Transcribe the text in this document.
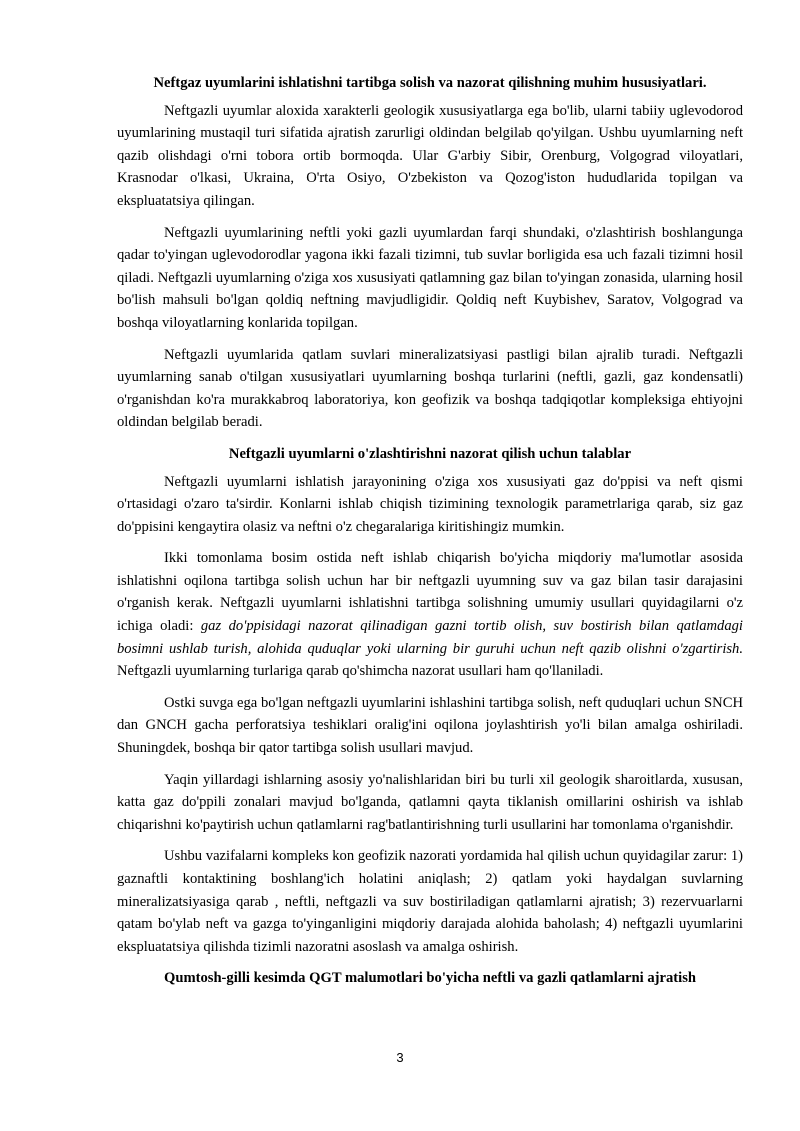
Neftgaz uyumlarini ishlatishni tartibga solish va nazorat qilishning muhim hususiyatlari.

Neftgazli uyumlar aloxida xarakterli geologik xususiyatlarga ega bo'lib, ularni tabiiy uglevodorod uyumlarining mustaqil turi sifatida ajratish zarurligi oldindan belgilab qo'yilgan. Ushbu uyumlarning neft qazib olishdagi o'rni tobora ortib bormoqda. Ular G'arbiy Sibir, Orenburg, Volgograd viloyatlari, Krasnodar o'lkasi, Ukraina, O'rta Osiyo, O'zbekiston va Qozog'iston hududlarida topilgan va ekspluatatsiya qilingan.

Neftgazli uyumlarining neftli yoki gazli uyumlardan farqi shundaki, o'zlashtirish boshlangunga qadar to'yingan uglevodorodlar yagona ikki fazali tizimni, tub suvlar borligida esa uch fazali tizimni hosil qiladi. Neftgazli uyumlarning o'ziga xos xususiyati qatlamning gaz bilan to'yingan zonasida, ularning hosil bo'lish mahsuli bo'lgan qoldiq neftning mavjudligidir. Qoldiq neft Kuybishev, Saratov, Volgograd va boshqa viloyatlarning konlarida topilgan.

Neftgazli uyumlarida qatlam suvlari mineralizatsiyasi pastligi bilan ajralib turadi. Neftgazli uyumlarning sanab o'tilgan xususiyatlari uyumlarning boshqa turlarini (neftli, gazli, gaz kondensatli) o'rganishdan ko'ra murakkabroq laboratoriya, kon geofizik va boshqa tadqiqotlar kompleksiga ehtiyojni oldindan belgilab beradi.

Neftgazli uyumlarni o'zlashtirishni nazorat qilish uchun talablar

Neftgazli uyumlarni ishlatish jarayonining o'ziga xos xususiyati gaz do'ppisi va neft qismi o'rtasidagi o'zaro ta'sirdir. Konlarni ishlab chiqish tizimining texnologik parametrlariga qarab, siz gaz do'ppisini kengaytira olasiz va neftni o'z chegaralariga kiritishingiz mumkin.

Ikki tomonlama bosim ostida neft ishlab chiqarish bo'yicha miqdoriy ma'lumotlar asosida ishlatishni oqilona tartibga solish uchun har bir neftgazli uyumning suv va gaz bilan tasir darajasini o'rganish kerak. Neftgazli uyumlarni ishlatishni tartibga solishning umumiy usullari quyidagilarni o'z ichiga oladi: gaz do'ppisidagi nazorat qilinadigan gazni tortib olish, suv bostirish bilan qatlamdagi bosimni ushlab turish, alohida quduqlar yoki ularning bir guruhi uchun neft qazib olishni o'zgartirish. Neftgazli uyumlarning turlariga qarab qo'shimcha nazorat usullari ham qo'llaniladi.

Ostki suvga ega bo'lgan neftgazli uyumlarini ishlashini tartibga solish, neft quduqlari uchun SNCH dan GNCH gacha perforatsiya teshiklari oralig'ini oqilona joylashtirish yo'li bilan amalga oshiriladi. Shuningdek, boshqa bir qator tartibga solish usullari mavjud.

Yaqin yillardagi ishlarning asosiy yo'nalishlaridan biri bu turli xil geologik sharoitlarda, xususan, katta gaz do'ppili zonalari mavjud bo'lganda, qatlamni qayta tiklanish omillarini oshirish va ishlab chiqarishni ko'paytirish uchun qatlamlarni rag'batlantirishning turli usullarini har tomonlama o'rganishdir.

Ushbu vazifalarni kompleks kon geofizik nazorati yordamida hal qilish uchun quyidagilar zarur: 1) gaznaftli kontaktining boshlang'ich holatini aniqlash; 2) qatlam yoki haydalgan suvlarning mineralizatsiyasiga qarab , neftli, neftgazli va suv bostiriladigan qatlamlarni ajratish; 3) rezervuarlarni qatam bo'ylab neft va gazga to'yinganligini miqdoriy darajada alohida baholash; 4) neftgazli uyumlarini ekspluatatsiya qilishda tizimli nazoratni asoslash va amalga oshirish.

Qumtosh-gilli kesimda QGT malumotlari bo'yicha neftli va gazli qatlamlarni ajratish

3
